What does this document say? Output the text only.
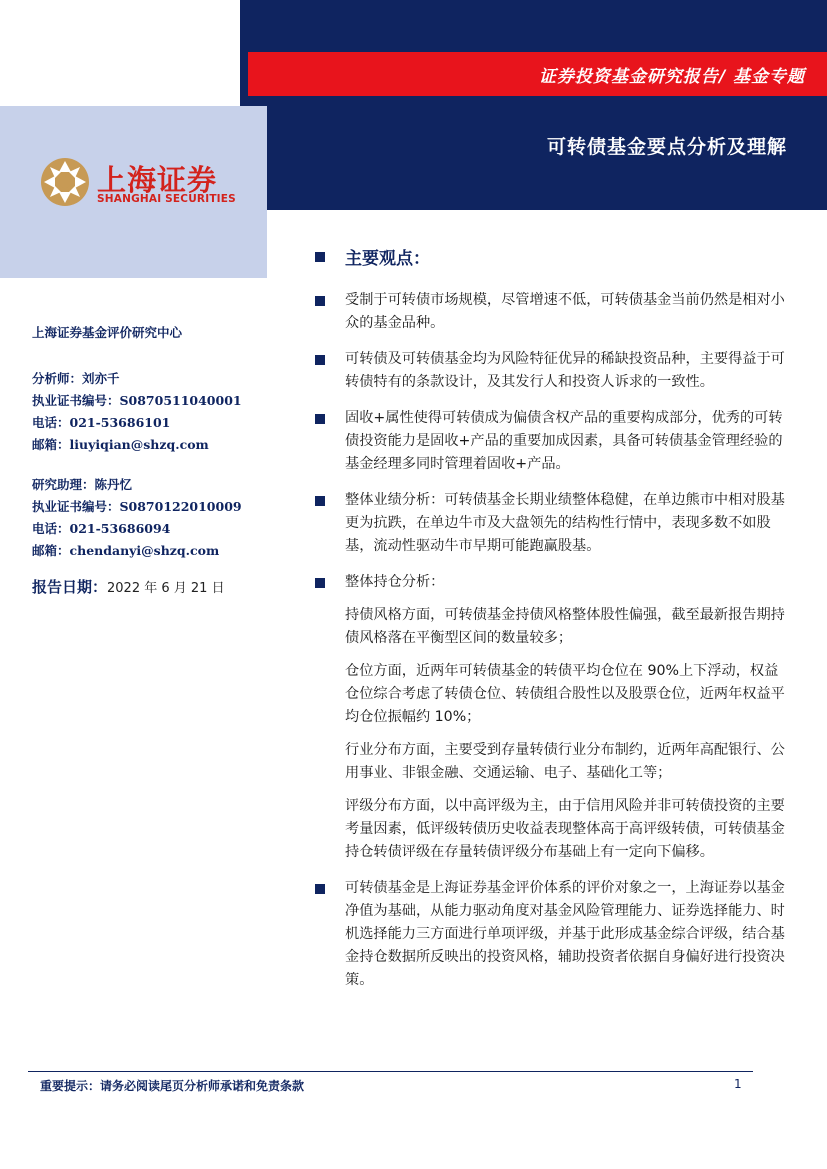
证券投资基金研究报告/ 基金专题
可转债基金要点分析及理解
上海证券
SHANGHAI SECURITIES
上海证券基金评价研究中心
分析师：刘亦千
执业证书编号：S0870511040001
电话：021-53686101
邮箱：liuyiqian@shzq.com
研究助理：陈丹忆
执业证书编号：S0870122010009
电话：021-53686094
邮箱：chendanyi@shzq.com
报告日期：2022 年 6 月 21 日
主要观点：
受制于可转债市场规模，尽管增速不低，可转债基金当前仍然是相对小众的基金品种。
可转债及可转债基金均为风险特征优异的稀缺投资品种，主要得益于可转债特有的条款设计，及其发行人和投资人诉求的一致性。
固收+属性使得可转债成为偏债含权产品的重要构成部分，优秀的可转债投资能力是固收+产品的重要加成因素，具备可转债基金管理经验的基金经理多同时管理着固收+产品。
整体业绩分析：可转债基金长期业绩整体稳健，在单边熊市中相对股基更为抗跌，在单边牛市及大盘领先的结构性行情中，表现多数不如股基，流动性驱动牛市早期可能跑赢股基。
整体持仓分析：
持债风格方面，可转债基金持债风格整体股性偏强，截至最新报告期持债风格落在平衡型区间的数量较多；
仓位方面，近两年可转债基金的转债平均仓位在 90%上下浮动，权益仓位综合考虑了转债仓位、转债组合股性以及股票仓位，近两年权益平均仓位振幅约 10%；
行业分布方面，主要受到存量转债行业分布制约，近两年高配银行、公用事业、非银金融、交通运输、电子、基础化工等；
评级分布方面，以中高评级为主，由于信用风险并非可转债投资的主要考量因素，低评级转债历史收益表现整体高于高评级转债，可转债基金持仓转债评级在存量转债评级分布基础上有一定向下偏移。
可转债基金是上海证券基金评价体系的评价对象之一，上海证券以基金净值为基础，从能力驱动角度对基金风险管理能力、证券选择能力、时机选择能力三方面进行单项评级，并基于此形成基金综合评级，结合基金持仓数据所反映出的投资风格，辅助投资者依据自身偏好进行投资决策。
重要提示：请务必阅读尾页分析师承诺和免责条款	1
